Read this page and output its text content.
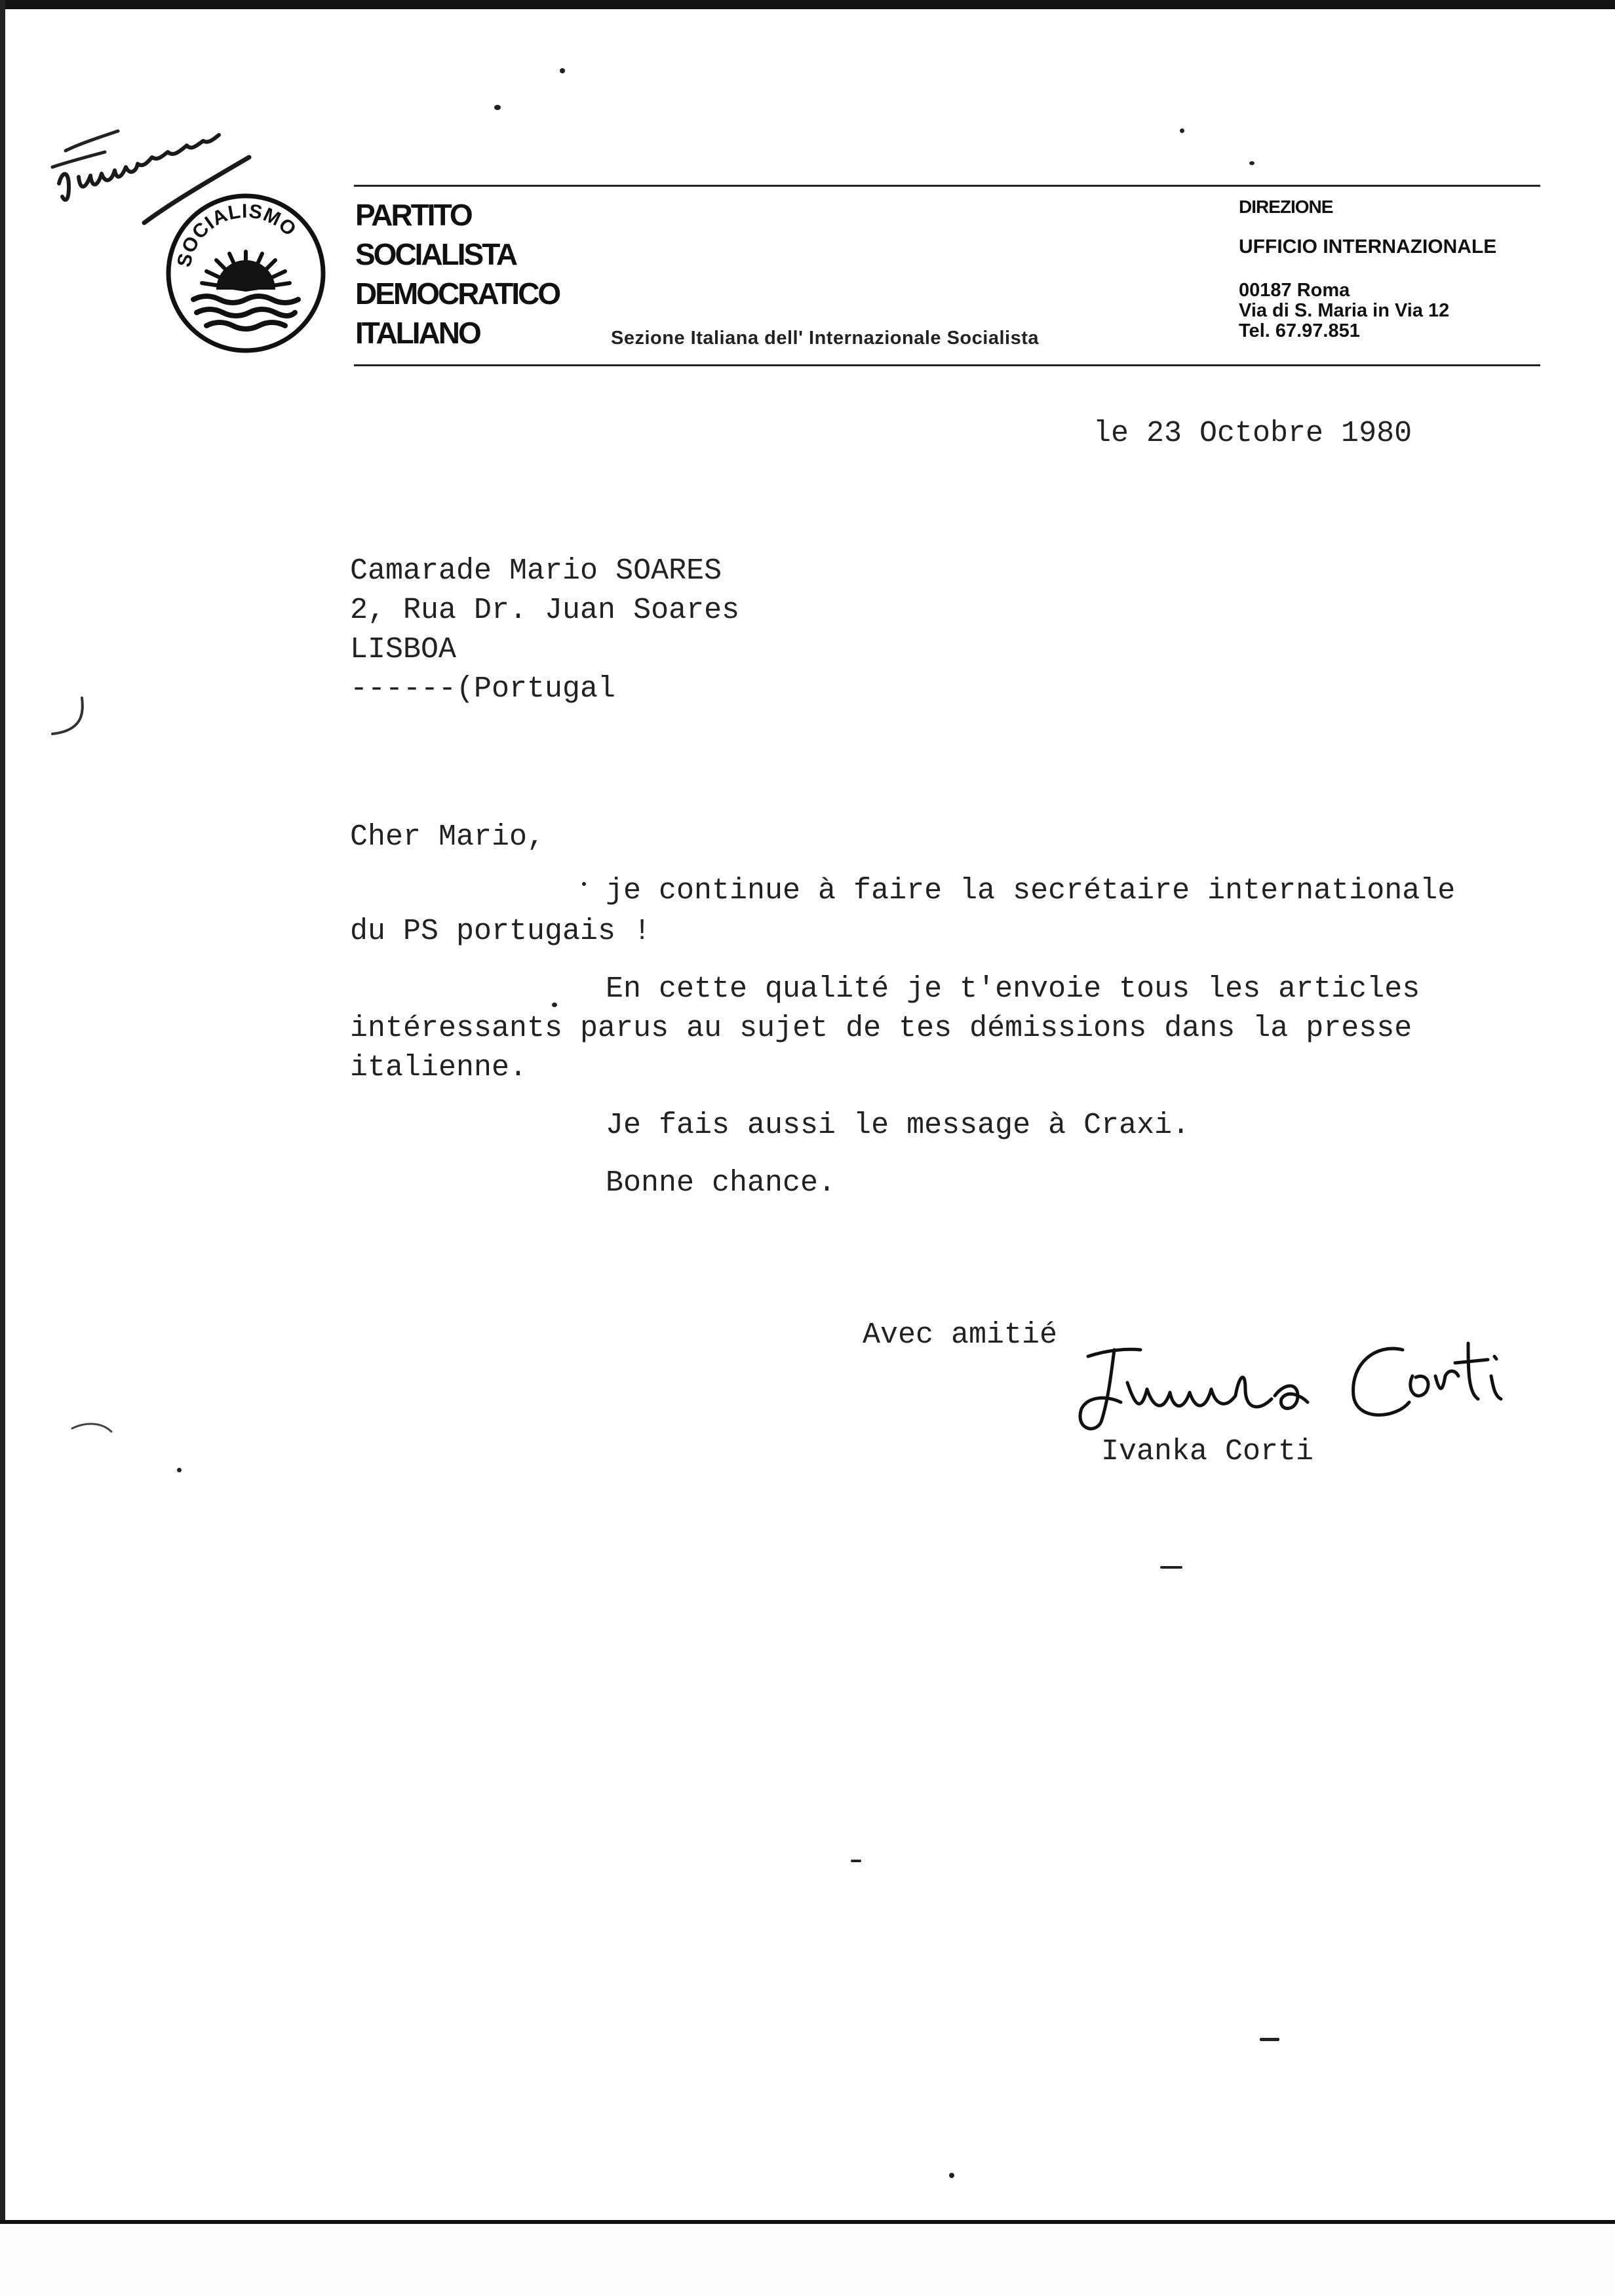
SOCIALISMO PARTITO
SOCIALISTA
DEMOCRATICO
ITALIANO	Sezione Italiana dell' Internazionale Socialista
DIREZIONE
UFFICIO INTERNAZIONALE
00187 Roma
Via di S. Maria in Via 12
Tel. 67.97.851
le 23 Octobre 1980
Camarade Mario SOARES
2, Rua Dr. Juan Soares
LISBOA
------(Portugal
Cher Mario,
je continue à faire la secrétaire internationale
du PS portugais !
En cette qualité je t'envoie tous les articles
intéressants parus au sujet de tes démissions dans la presse
italienne.
Je fais aussi le message à Craxi.
Bonne chance.
Avec amitié
Ivanka Corti
